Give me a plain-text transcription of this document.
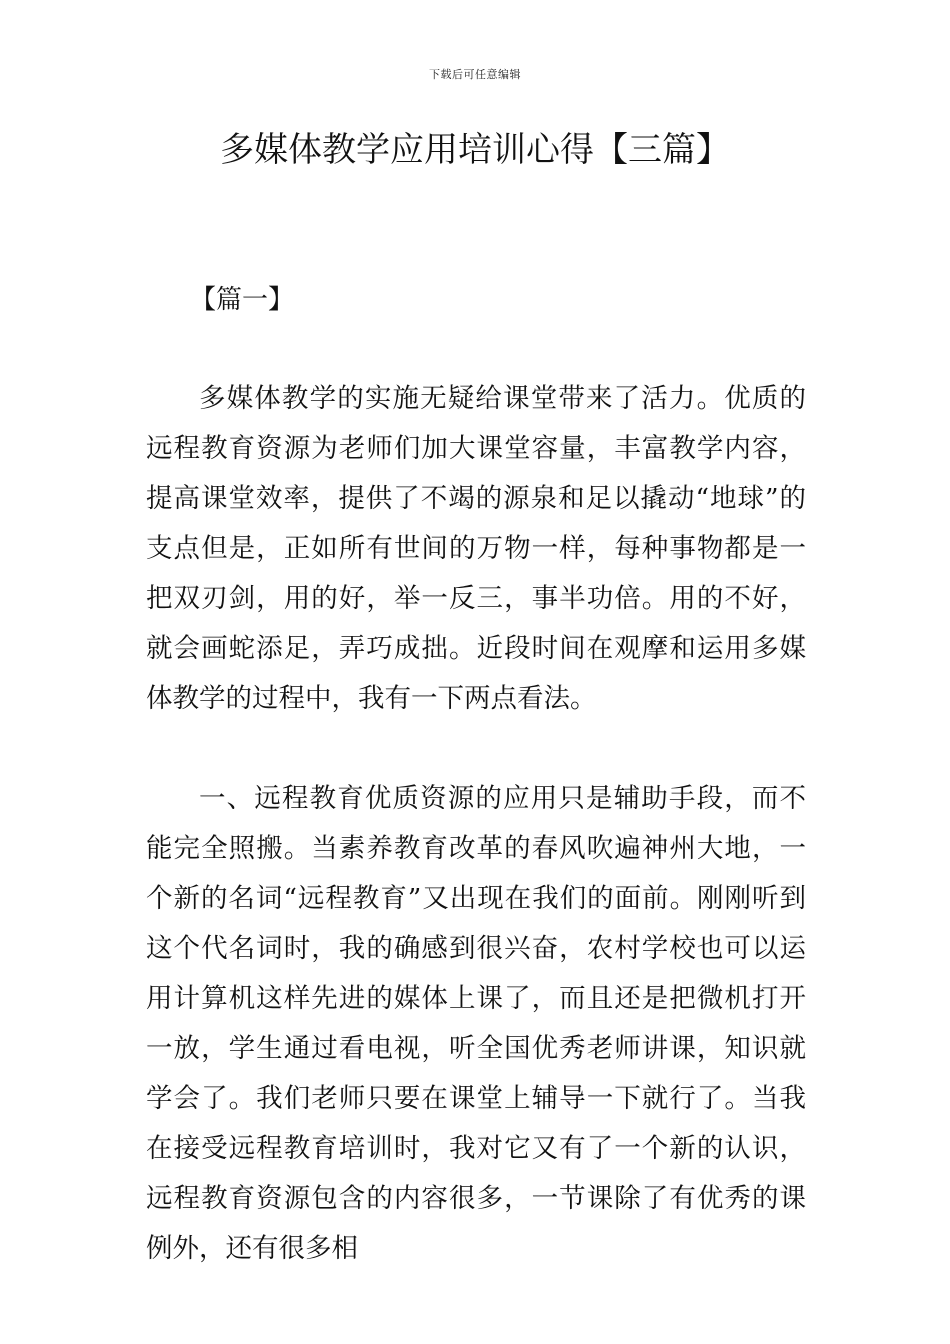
下载后可任意编辑
多媒体教学应用培训心得【三篇】
【篇一】

多媒体教学的实施无疑给课堂带来了活力。优质的远程教育资源为老师们加大课堂容量，丰富教学内容，提高课堂效率，提供了不竭的源泉和足以撬动“地球”的支点但是，正如所有世间的万物一样，每种事物都是一把双刃剑，用的好，举一反三，事半功倍。用的不好，就会画蛇添足，弄巧成拙。近段时间在观摩和运用多媒体教学的过程中，我有一下两点看法。

一、远程教育优质资源的应用只是辅助手段，而不能完全照搬。当素养教育改革的春风吹遍神州大地，一个新的名词“远程教育”又出现在我们的面前。刚刚听到这个代名词时，我的确感到很兴奋，农村学校也可以运用计算机这样先进的媒体上课了，而且还是把微机打开一放，学生通过看电视，听全国优秀老师讲课，知识就学会了。我们老师只要在课堂上辅导一下就行了。当我在接受远程教育培训时，我对它又有了一个新的认识，远程教育资源包含的内容很多，一节课除了有优秀的课例外，还有很多相
